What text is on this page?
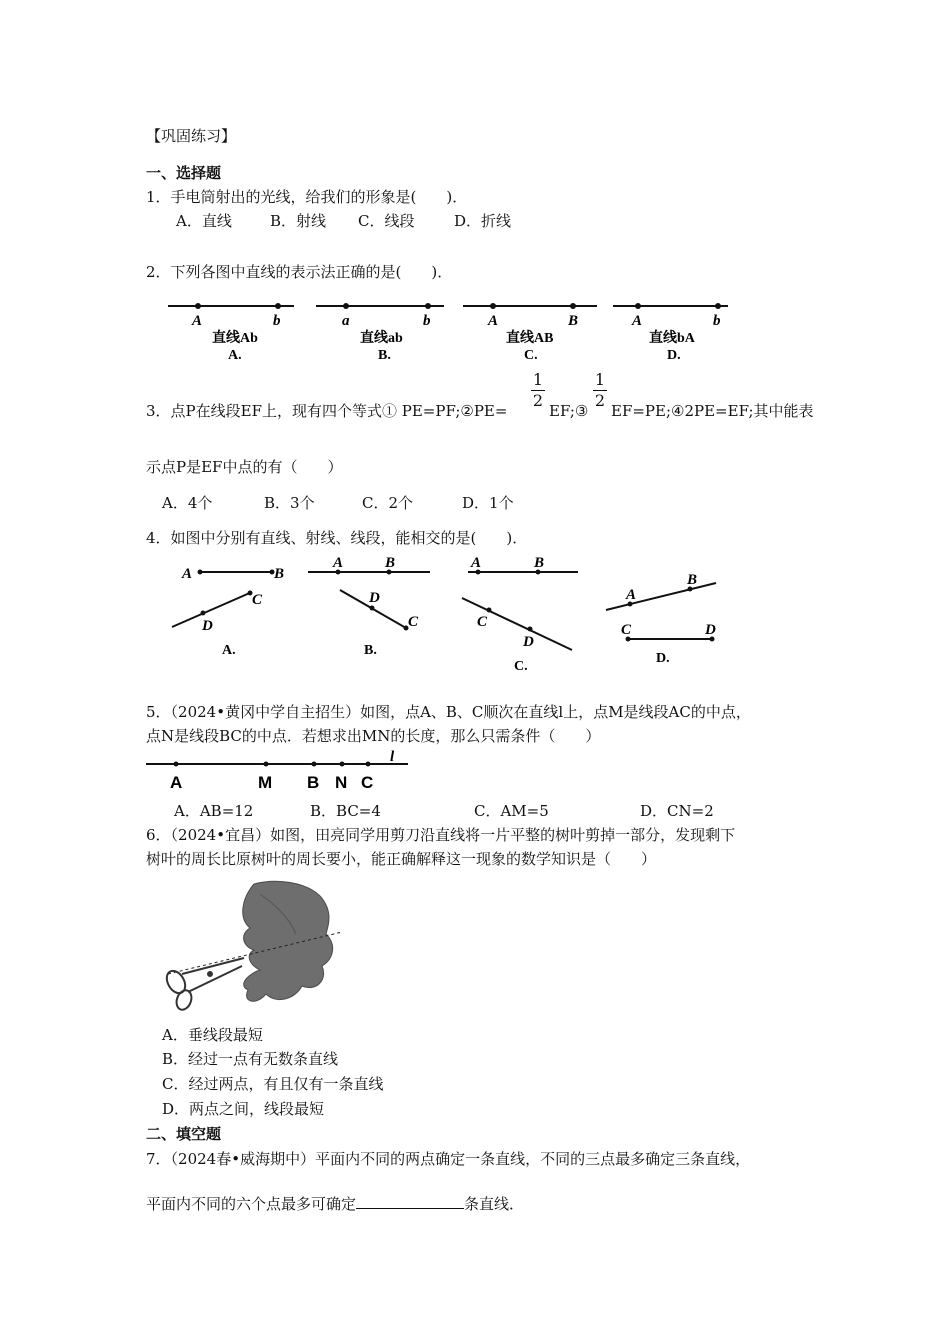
【巩固练习】
一、选择题
1．手电筒射出的光线，给我们的形象是(　　)．
A．直线	B．射线 C．线段	D．折线
2．下列各图中直线的表示法正确的是(　　)．
A	b
直线Ab
A.
a	b
直线ab
B.
A	B
直线AB
C.
A	b
直线bA
D.
3．点P在线段EF上，现有四个等式① PE=PF;②PE=
1
2
EF;③
1
2
EF=PE;④2PE=EF;其中能表
示点P是EF中点的有（　　）
A．4个	B．3个	C．2个	D．1个
4．如图中分别有直线、射线、线段，能相交的是(　　)．
A	B
C
D
A.
A	B
D
C
B.
A	B
C
D
C.
A
B
C	D
D.
5．（2024•黄冈中学自主招生）如图，点A、B、C顺次在直线l上，点M是线段AC的中点，
点N是线段BC的中点．若想求出MN的长度，那么只需条件（　　）
A	M B N C
l
A．AB=12	B．BC=4	C．AM=5	D．CN=2
6．（2024•宜昌）如图，田亮同学用剪刀沿直线将一片平整的树叶剪掉一部分，发现剩下
树叶的周长比原树叶的周长要小，能正确解释这一现象的数学知识是（　　）
A．垂线段最短
B．经过一点有无数条直线
C．经过两点，有且仅有一条直线
D．两点之间，线段最短
二、填空题
7．（2024春•威海期中）平面内不同的两点确定一条直线，不同的三点最多确定三条直线，
平面内不同的六个点最多可确定	条直线．
